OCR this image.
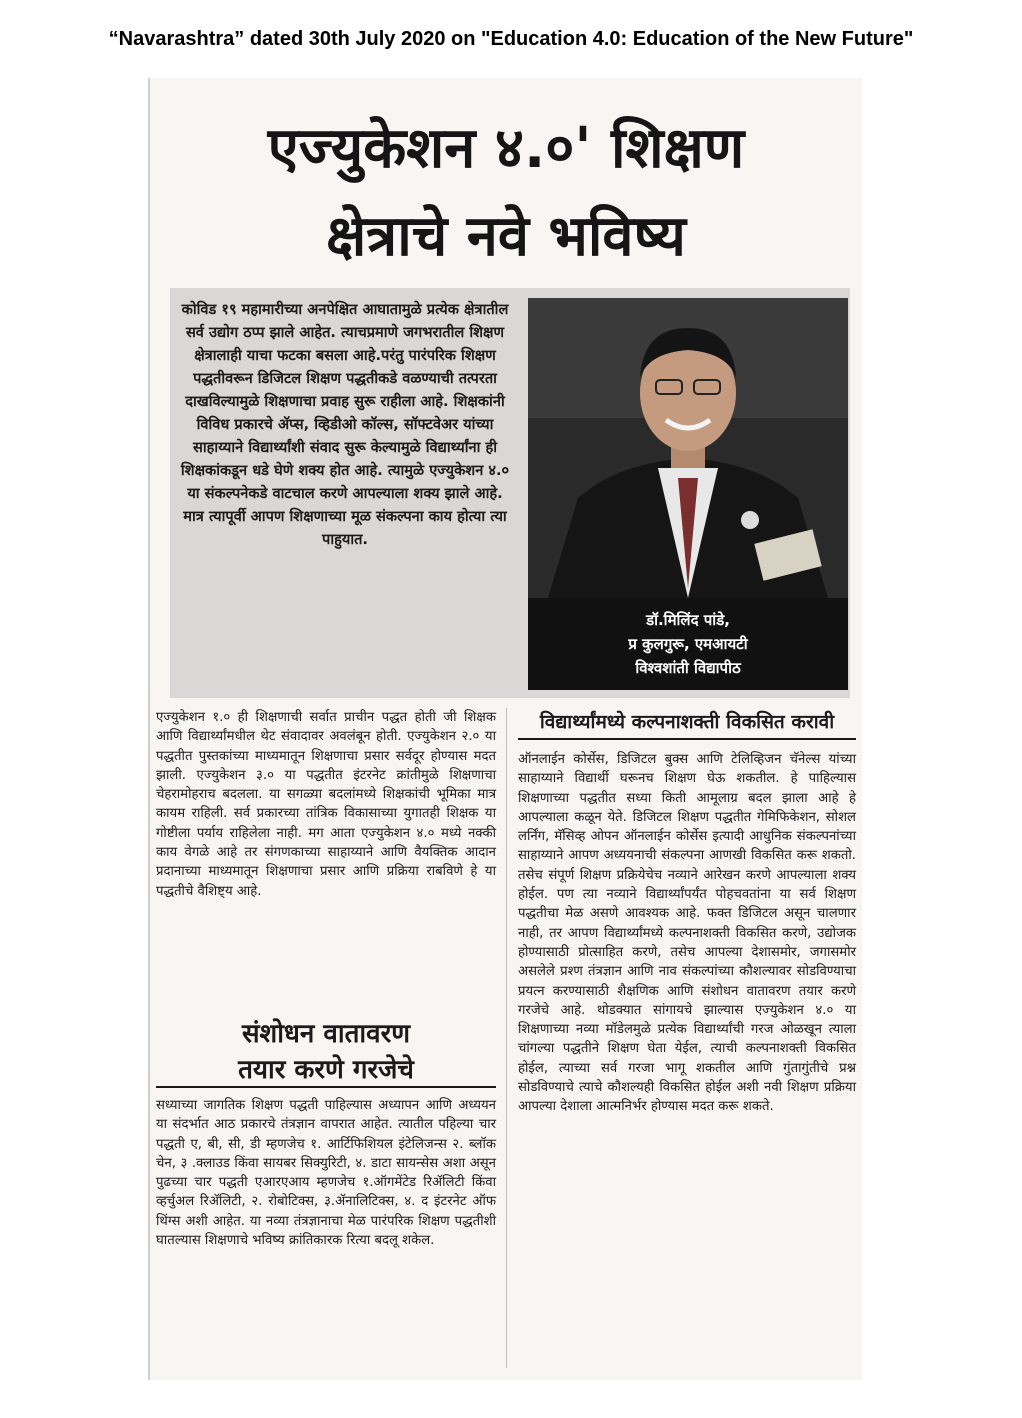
“Navarashtra” dated 30th July 2020 on "Education 4.0: Education of the New Future"
एज्युकेशन ४.०' शिक्षण
क्षेत्राचे नवे भविष्य
कोविड १९ महामारीच्या अनपेक्षित आघातामुळे प्रत्येक क्षेत्रातील सर्व उद्योग ठप्प झाले आहेत. त्याचप्रमाणे जगभरातील शिक्षण क्षेत्रालाही याचा फटका बसला आहे.परंतु पारंपरिक शिक्षण पद्धतीवरून डिजिटल शिक्षण पद्धतीकडे वळण्याची तत्परता दाखविल्यामुळे शिक्षणाचा प्रवाह सुरू राहीला आहे. शिक्षकांनी विविध प्रकारचे ॲप्स, व्हिडीओ कॉल्स, सॉफ्टवेअर यांच्या साहाय्याने विद्यार्थ्यांशी संवाद सुरू केल्यामुळे विद्यार्थ्यांना ही शिक्षकांकडून धडे घेणे शक्य होत आहे. त्यामुळे एज्युकेशन ४.० या संकल्पनेकडे वाटचाल करणे आपल्याला शक्य झाले आहे. मात्र त्यापूर्वी आपण शिक्षणाच्या मूळ संकल्पना काय होत्या त्या पाहुयात.
डॉ.मिलिंद पांडे,
प्र कुलगुरू, एमआयटी
विश्वशांती विद्यापीठ
एज्युकेशन १.० ही शिक्षणाची सर्वात प्राचीन पद्धत होती जी शिक्षक आणि विद्यार्थ्यांमधील थेट संवादावर अवलंबून होती. एज्युकेशन २.० या पद्धतीत पुस्तकांच्या माध्यमातून शिक्षणाचा प्रसार सर्वदूर होण्यास मदत झाली. एज्युकेशन ३.० या पद्धतीत इंटरनेट क्रांतीमुळे शिक्षणाचा चेहरामोहराच बदलला. या सगळ्या बदलांमध्ये शिक्षकांची भूमिका मात्र कायम राहिली. सर्व प्रकारच्या तांत्रिक विकासाच्या युगातही शिक्षक या गोष्टीला पर्याय राहिलेला नाही. मग आता एज्युकेशन ४.० मध्ये नक्की काय वेगळे आहे तर संगणकाच्या साहाय्याने आणि वैयक्तिक आदान प्रदानाच्या माध्यमातून शिक्षणाचा प्रसार आणि प्रक्रिया राबविणे हे या पद्धतीचे वैशिष्ट्य आहे.
संशोधन वातावरण
तयार करणे गरजेचे
सध्याच्या जागतिक शिक्षण पद्धती पाहिल्यास अध्यापन आणि अध्ययन या संदर्भात आठ प्रकारचे तंत्रज्ञान वापरात आहेत. त्यातील पहिल्या चार पद्धती ए, बी, सी, डी म्हणजेच १. आर्टिफिशियल इंटेलिजन्स २. ब्लॉक चेन, ३ .क्लाउड किंवा सायबर सिक्युरिटी, ४. डाटा सायन्सेस अशा असून पुढच्या चार पद्धती एआरएआय म्हणजेच १.ऑगमेंटेड रिॲलिटी किंवा व्हर्चुअल रिॲलिटी, २. रोबोटिक्स, ३.ॲनालिटिक्स, ४. द इंटरनेट ऑफ थिंग्स अशी आहेत. या नव्या तंत्रज्ञानाचा मेळ पारंपरिक शिक्षण पद्धतीशी घातल्यास शिक्षणाचे भविष्य क्रांतिकारक रित्या बदलू शकेल.
विद्यार्थ्यांमध्ये कल्पनाशक्ती विकसित करावी
ऑनलाईन कोर्सेस, डिजिटल बुक्स आणि टेलिव्हिजन चॅनेल्स यांच्या साहाय्याने विद्यार्थी घरूनच शिक्षण घेऊ शकतील. हे पाहिल्यास शिक्षणाच्या पद्धतीत सध्या किती आमूलाग्र बदल झाला आहे हे आपल्याला कळून येते. डिजिटल शिक्षण पद्धतीत गेमिफिकेशन, सोशल लर्निंग, मॅसिव्ह ओपन ऑनलाईन कोर्सेस इत्यादी आधुनिक संकल्पनांच्या साहाय्याने आपण अध्ययनाची संकल्पना आणखी विकसित करू शकतो. तसेच संपूर्ण शिक्षण प्रक्रियेचेच नव्याने आरेखन करणे आपल्याला शक्य होईल. पण त्या नव्याने विद्यार्थ्यांपर्यंत पोहचवतांना या सर्व शिक्षण पद्धतीचा मेळ असणे आवश्यक आहे. फक्त डिजिटल असून चालणार नाही, तर आपण विद्यार्थ्यांमध्ये कल्पनाशक्ती विकसित करणे, उद्योजक होण्यासाठी प्रोत्साहित करणे, तसेच आपल्या देशासमोर, जगासमोर असलेले प्रश्ण तंत्रज्ञान आणि नाव संकल्पांच्या कौशल्यावर सोडविण्याचा प्रयत्न करण्यासाठी शैक्षणिक आणि संशोधन वातावरण तयार करणे गरजेचे आहे. थोडक्यात सांगायचे झाल्यास एज्युकेशन ४.० या शिक्षणाच्या नव्या मॉडेलमुळे प्रत्येक विद्यार्थ्यांची गरज ओळखून त्याला चांगल्या पद्धतीने शिक्षण घेता येईल, त्याची कल्पनाशक्ती विकसित होईल, त्याच्या सर्व गरजा भागू शकतील आणि गुंतागुंतीचे प्रश्न सोडविण्याचे त्याचे कौशल्यही विकसित होईल अशी नवी शिक्षण प्रक्रिया आपल्या देशाला आत्मनिर्भर होण्यास मदत करू शकते.
